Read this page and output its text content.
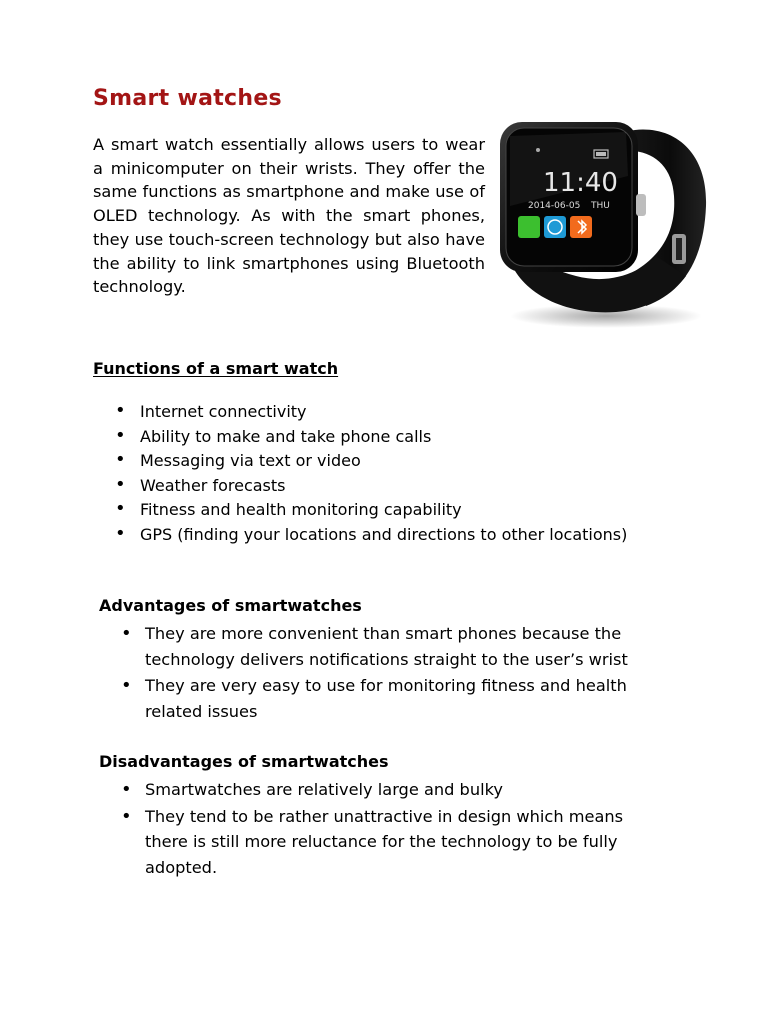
Smart watches

A smart watch essentially allows users to wear a minicomputer on their wrists. They offer the same functions as smartphone and make use of OLED technology. As with the smart phones, they use touch-screen technology but also have the ability to link smartphones using Bluetooth technology.

11:40
2014-06-05 THU
Functions of a smart watch
• Internet connectivity
• Ability to make and take phone calls
• Messaging via text or video
• Weather forecasts
• Fitness and health monitoring capability
• GPS (finding your locations and directions to other locations)
Advantages of smartwatches
• They are more convenient than smart phones because the technology delivers notifications straight to the user’s wrist
• They are very easy to use for monitoring fitness and health related issues
Disadvantages of smartwatches
• Smartwatches are relatively large and bulky
• They tend to be rather unattractive in design which means there is still more reluctance for the technology to be fully adopted.
